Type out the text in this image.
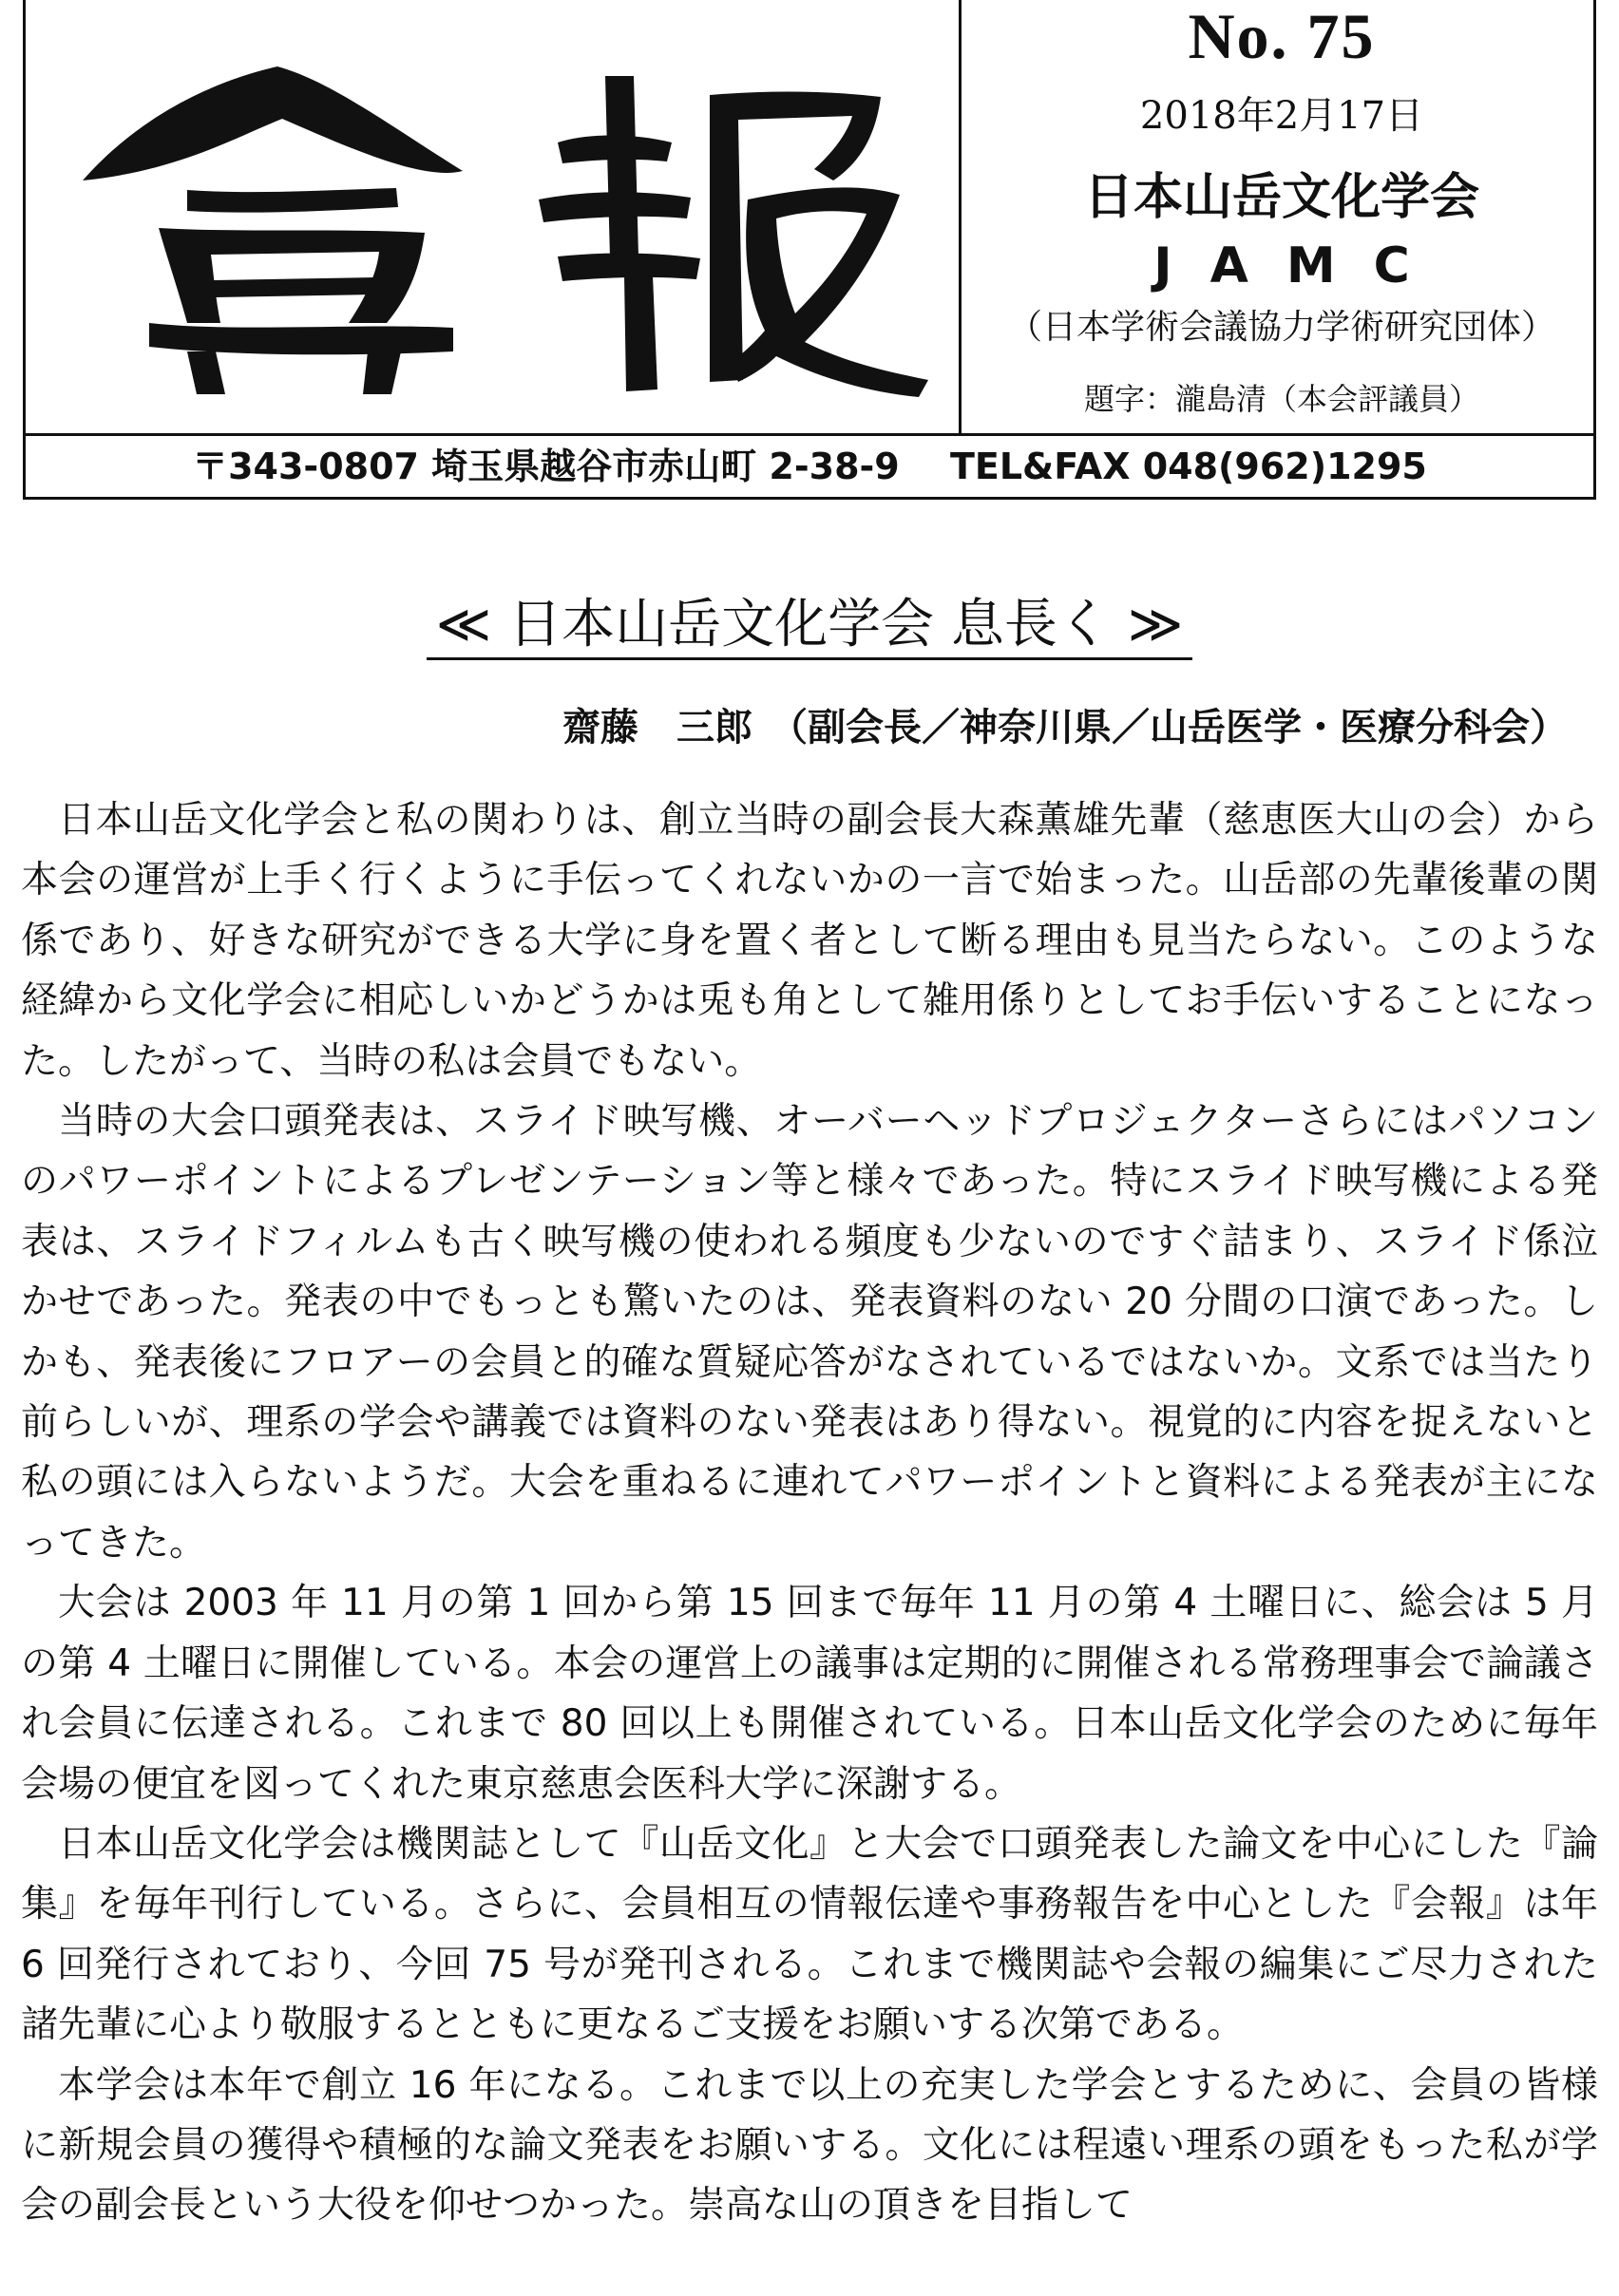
No. 75
2018年2月17日
日本山岳文化学会
JAMC
（日本学術会議協力学術研究団体）
題字：瀧島清（本会評議員）
〒343-0807 埼玉県越谷市赤山町 2-38-9 TEL&FAX 048(962)1295
≪ 日本山岳文化学会 息長く ≫
齋藤　三郎 （副会長／神奈川県／山岳医学・医療分科会）

日本山岳文化学会と私の関わりは、創立当時の副会長大森薫雄先輩（慈恵医大山の会）から本会の運営が上手く行くように手伝ってくれないかの一言で始まった。山岳部の先輩後輩の関係であり、好きな研究ができる大学に身を置く者として断る理由も見当たらない。このような経緯から文化学会に相応しいかどうかは兎も角として雑用係りとしてお手伝いすることになった。したがって、当時の私は会員でもない。

当時の大会口頭発表は、スライド映写機、オーバーヘッドプロジェクターさらにはパソコンのパワーポイントによるプレゼンテーション等と様々であった。特にスライド映写機による発表は、スライドフィルムも古く映写機の使われる頻度も少ないのですぐ詰まり、スライド係泣かせであった。発表の中でもっとも驚いたのは、発表資料のない 20 分間の口演であった。しかも、発表後にフロアーの会員と的確な質疑応答がなされているではないか。文系では当たり前らしいが、理系の学会や講義では資料のない発表はあり得ない。視覚的に内容を捉えないと私の頭には入らないようだ。大会を重ねるに連れてパワーポイントと資料による発表が主になってきた。

大会は 2003 年 11 月の第 1 回から第 15 回まで毎年 11 月の第 4 土曜日に、総会は 5 月の第 4 土曜日に開催している。本会の運営上の議事は定期的に開催される常務理事会で論議され会員に伝達される。これまで 80 回以上も開催されている。日本山岳文化学会のために毎年会場の便宜を図ってくれた東京慈恵会医科大学に深謝する。

日本山岳文化学会は機関誌として『山岳文化』と大会で口頭発表した論文を中心にした『論集』を毎年刊行している。さらに、会員相互の情報伝達や事務報告を中心とした『会報』は年 6 回発行されており、今回 75 号が発刊される。これまで機関誌や会報の編集にご尽力された諸先輩に心より敬服するとともに更なるご支援をお願いする次第である。

本学会は本年で創立 16 年になる。これまで以上の充実した学会とするために、会員の皆様に新規会員の獲得や積極的な論文発表をお願いする。文化には程遠い理系の頭をもった私が学会の副会長という大役を仰せつかった。崇高な山の頂きを目指して
